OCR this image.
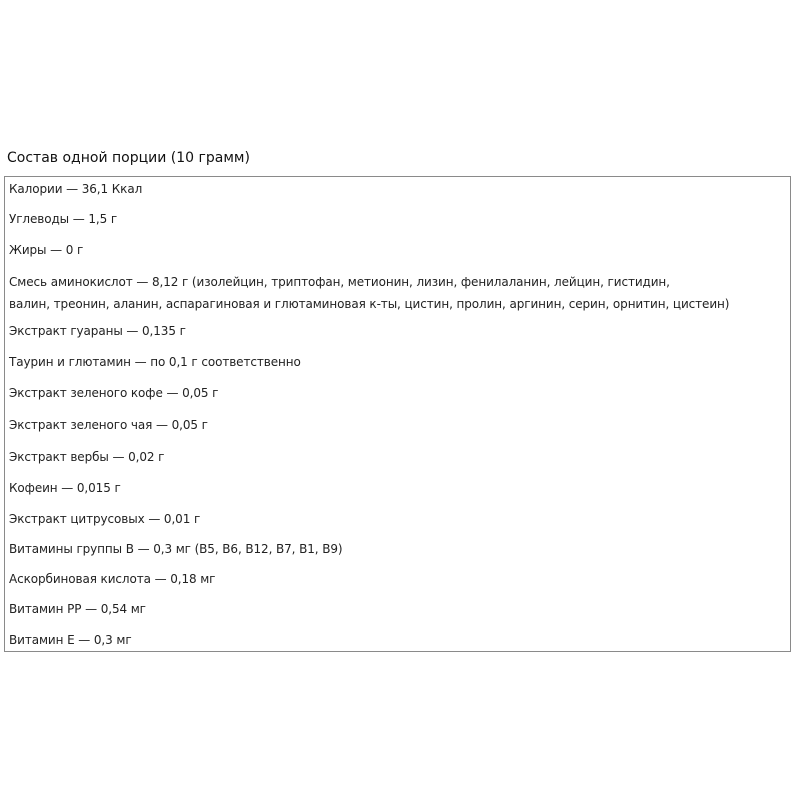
Состав одной порции (10 грамм)
Калории — 36,1 Ккал
Углеводы — 1,5 г
Жиры — 0 г
Смесь аминокислот — 8,12 г (изолейцин, триптофан, метионин, лизин, фенилаланин, лейцин, гистидин,
валин, треонин, аланин, аспарагиновая и глютаминовая к-ты, цистин, пролин, аргинин, серин, орнитин, цистеин)
Экстракт гуараны — 0,135 г
Таурин и глютамин — по 0,1 г соответственно
Экстракт зеленого кофе — 0,05 г
Экстракт зеленого чая — 0,05 г
Экстракт вербы — 0,02 г
Кофеин — 0,015 г
Экстракт цитрусовых — 0,01 г
Витамины группы В — 0,3 мг (В5, В6, В12, В7, В1, В9)
Аскорбиновая кислота — 0,18 мг
Витамин РР — 0,54 мг
Витамин Е — 0,3 мг
